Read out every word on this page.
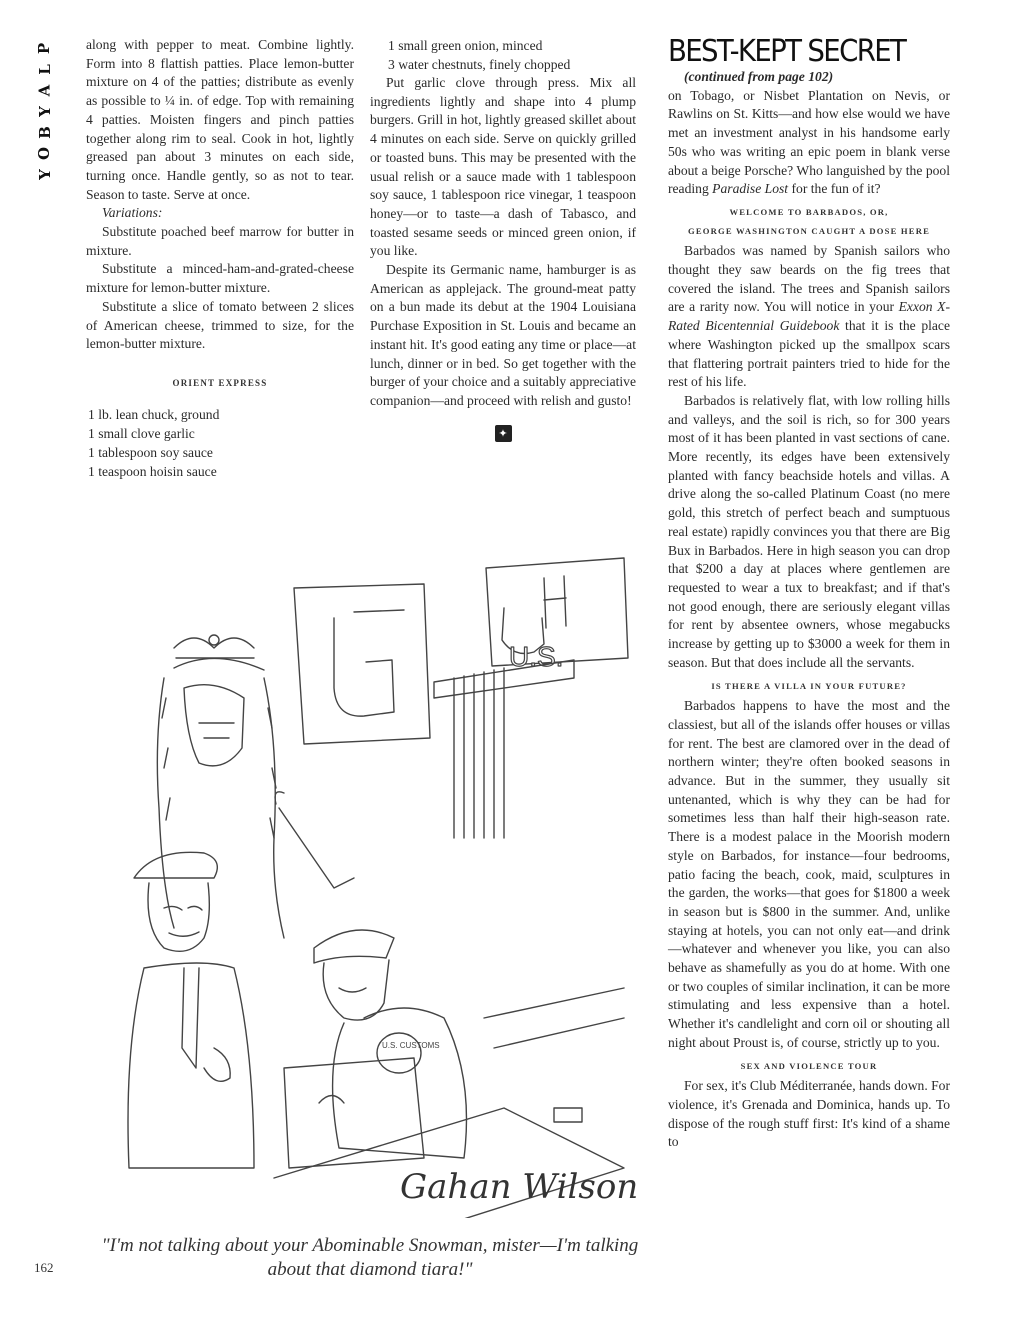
P
L
A
Y
B
O
Y

along with pepper to meat. Combine lightly. Form into 8 flattish patties. Place lemon-butter mixture on 4 of the patties; distribute as evenly as possible to ¼ in. of edge. Top with remaining 4 patties. Moisten fingers and pinch patties together along rim to seal. Cook in hot, lightly greased pan about 3 minutes on each side, turning once. Handle gently, so as not to tear. Season to taste. Serve at once.

Variations:

Substitute poached beef marrow for butter in mixture.

Substitute a minced-ham-and-grated-cheese mixture for lemon-butter mixture.

Substitute a slice of tomato between 2 slices of American cheese, trimmed to size, for the lemon-butter mixture.

ORIENT EXPRESS
1 lb. lean chuck, ground
1 small clove garlic
1 tablespoon soy sauce
1 teaspoon hoisin sauce
1 small green onion, minced
3 water chestnuts, finely chopped

Put garlic clove through press. Mix all ingredients lightly and shape into 4 plump burgers. Grill in hot, lightly greased skillet about 4 minutes on each side. Serve on quickly grilled or toasted buns. This may be presented with the usual relish or a sauce made with 1 tablespoon soy sauce, 1 tablespoon rice vinegar, 1 teaspoon honey—or to taste—a dash of Tabasco, and toasted sesame seeds or minced green onion, if you like.

Despite its Germanic name, hamburger is as American as applejack. The ground-meat patty on a bun made its debut at the 1904 Louisiana Purchase Exposition in St. Louis and became an instant hit. It's good eating any time or place—at lunch, dinner or in bed. So get together with the burger of your choice and a suitably appreciative companion—and proceed with relish and gusto!

✦
BEST-KEPT SECRET

(continued from page 102)

on Tobago, or Nisbet Plantation on Nevis, or Rawlins on St. Kitts—and how else would we have met an investment analyst in his handsome early 50s who was writing an epic poem in blank verse about a beige Porsche? Who languished by the pool reading Paradise Lost for the fun of it?

WELCOME TO BARBADOS, OR,
GEORGE WASHINGTON CAUGHT A DOSE HERE

Barbados was named by Spanish sailors who thought they saw beards on the fig trees that covered the island. The trees and Spanish sailors are a rarity now. You will notice in your Exxon X-Rated Bicentennial Guidebook that it is the place where Washington picked up the smallpox scars that flattering portrait painters tried to hide for the rest of his life.

Barbados is relatively flat, with low rolling hills and valleys, and the soil is rich, so for 300 years most of it has been planted in vast sections of cane. More recently, its edges have been extensively planted with fancy beachside hotels and villas. A drive along the so-called Platinum Coast (no mere gold, this stretch of perfect beach and sumptuous real estate) rapidly convinces you that there are Big Bux in Barbados. Here in high season you can drop that $200 a day at places where gentlemen are requested to wear a tux to breakfast; and if that's not good enough, there are seriously elegant villas for rent by absentee owners, whose megabucks increase by getting up to $3000 a week for them in season. But that does include all the servants.

IS THERE A VILLA IN YOUR FUTURE?

Barbados happens to have the most and the classiest, but all of the islands offer houses or villas for rent. The best are clamored over in the dead of northern winter; they're often booked seasons in advance. But in the summer, they usually sit untenanted, which is why they can be had for sometimes less than half their high-season rate. There is a modest palace in the Moorish modern style on Barbados, for instance—four bedrooms, patio facing the beach, cook, maid, sculptures in the garden, the works—that goes for $1800 a week in season but is $800 in the summer. And, unlike staying at hotels, you can not only eat—and drink—whatever and whenever you like, you can also behave as shamefully as you do at home. With one or two couples of similar inclination, it can be more stimulating and less expensive than a hotel. Whether it's candlelight and corn oil or shouting all night about Proust is, of course, strictly up to you.

SEX AND VIOLENCE TOUR

For sex, it's Club Méditerranée, hands down. For violence, it's Grenada and Dominica, hands up. To dispose of the rough stuff first: It's kind of a shame to

U.S.
U.S. CUSTOMS
Gahan Wilson
"I'm not talking about your Abominable Snowman, mister—I'm talking about that diamond tiara!"
162
